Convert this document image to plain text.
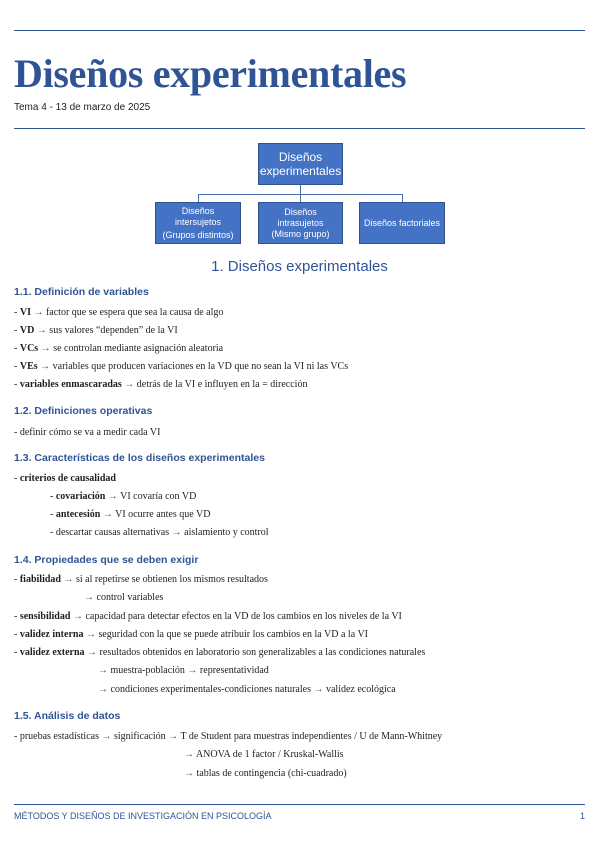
Diseños experimentales
Tema 4 - 13 de marzo de 2025
Diseños
experimentales
Diseños
intersujetos
(Grupos distintos)
Diseños
intrasujetos
(Mismo grupo)
Diseños factoriales
1. Diseños experimentales
1.1. Definición de variables
- VI → factor que se espera que sea la causa de algo
- VD → sus valores “dependen” de la VI
- VCs → se controlan mediante asignación aleatoria
- VEs → variables que producen variaciones en la VD que no sean la VI ni las VCs
- variables enmascaradas → detrás de la VI e influyen en la = dirección
1.2. Definiciones operativas
- definir cómo se va a medir cada VI
1.3. Características de los diseños experimentales
- criterios de causalidad
- covariación → VI covaría con VD
- antecesión → VI ocurre antes que VD
- descartar causas alternativas → aislamiento y control
1.4. Propiedades que se deben exigir
- fiabilidad → si al repetirse se obtienen los mismos resultados
→ control variables
- sensibilidad → capacidad para detectar efectos en la VD de los cambios en los niveles de la VI
- validez interna → seguridad con la que se puede atribuir los cambios en la VD a la VI
- validez externa → resultados obtenidos en laboratorio son generalizables a las condiciones naturales
→ muestra-población → representatividad
→ condiciones experimentales-condiciones naturales → validez ecológica
1.5. Análisis de datos
- pruebas estadísticas → significación → T de Student para muestras independientes / U de Mann-Whitney
→ ANOVA de 1 factor / Kruskal-Wallis
→ tablas de contingencia (chi-cuadrado)
MÉTODOS Y DISEÑOS DE INVESTIGACIÓN EN PSICOLOGÍA	1
